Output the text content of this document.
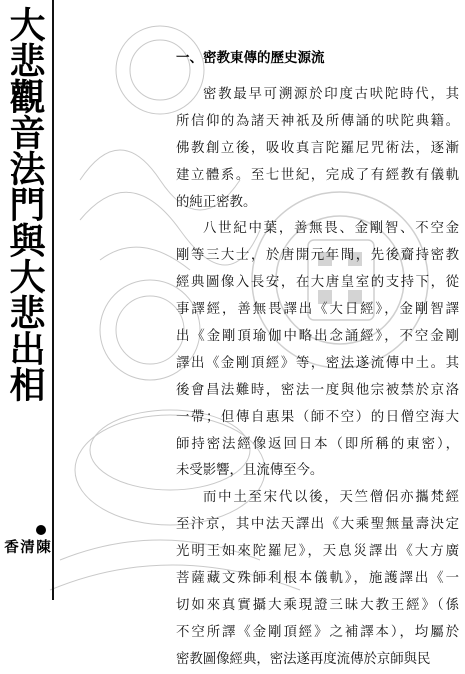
大悲觀音法門與大悲出相
陳清香
一、密教東傳的歷史源流
密教最早可溯源於印度古吠陀時代，其
所信仰的為諸天神祇及所傳誦的吠陀典籍。
佛教創立後，吸收真言陀羅尼咒術法，逐漸
建立體系。至七世紀，完成了有經教有儀軌
的純正密教。
八世紀中葉，善無畏、金剛智、不空金
剛等三大士，於唐開元年間，先後齎持密教
經典圖像入長安，在大唐皇室的支持下，從
事譯經，善無畏譯出《大日經》，金剛智譯
出《金剛頂瑜伽中略出念誦經》，不空金剛
譯出《金剛頂經》等，密法遂流傳中土。其
後會昌法難時，密法一度與他宗被禁於京洛
一帶；但傳自惠果（師不空）的日僧空海大
師持密法經像返回日本（即所稱的東密），
未受影響，且流傳至今。
而中土至宋代以後，天竺僧侶亦攜梵經
至汴京，其中法天譯出《大乘聖無量壽決定
光明王如來陀羅尼》，天息災譯出《大方廣
菩薩藏文殊師利根本儀軌》，施護譯出《一
切如來真實攝大乘現證三昧大教王經》（係
不空所譯《金剛頂經》之補譯本），均屬於
密教圖像經典，密法遂再度流傳於京師與民
